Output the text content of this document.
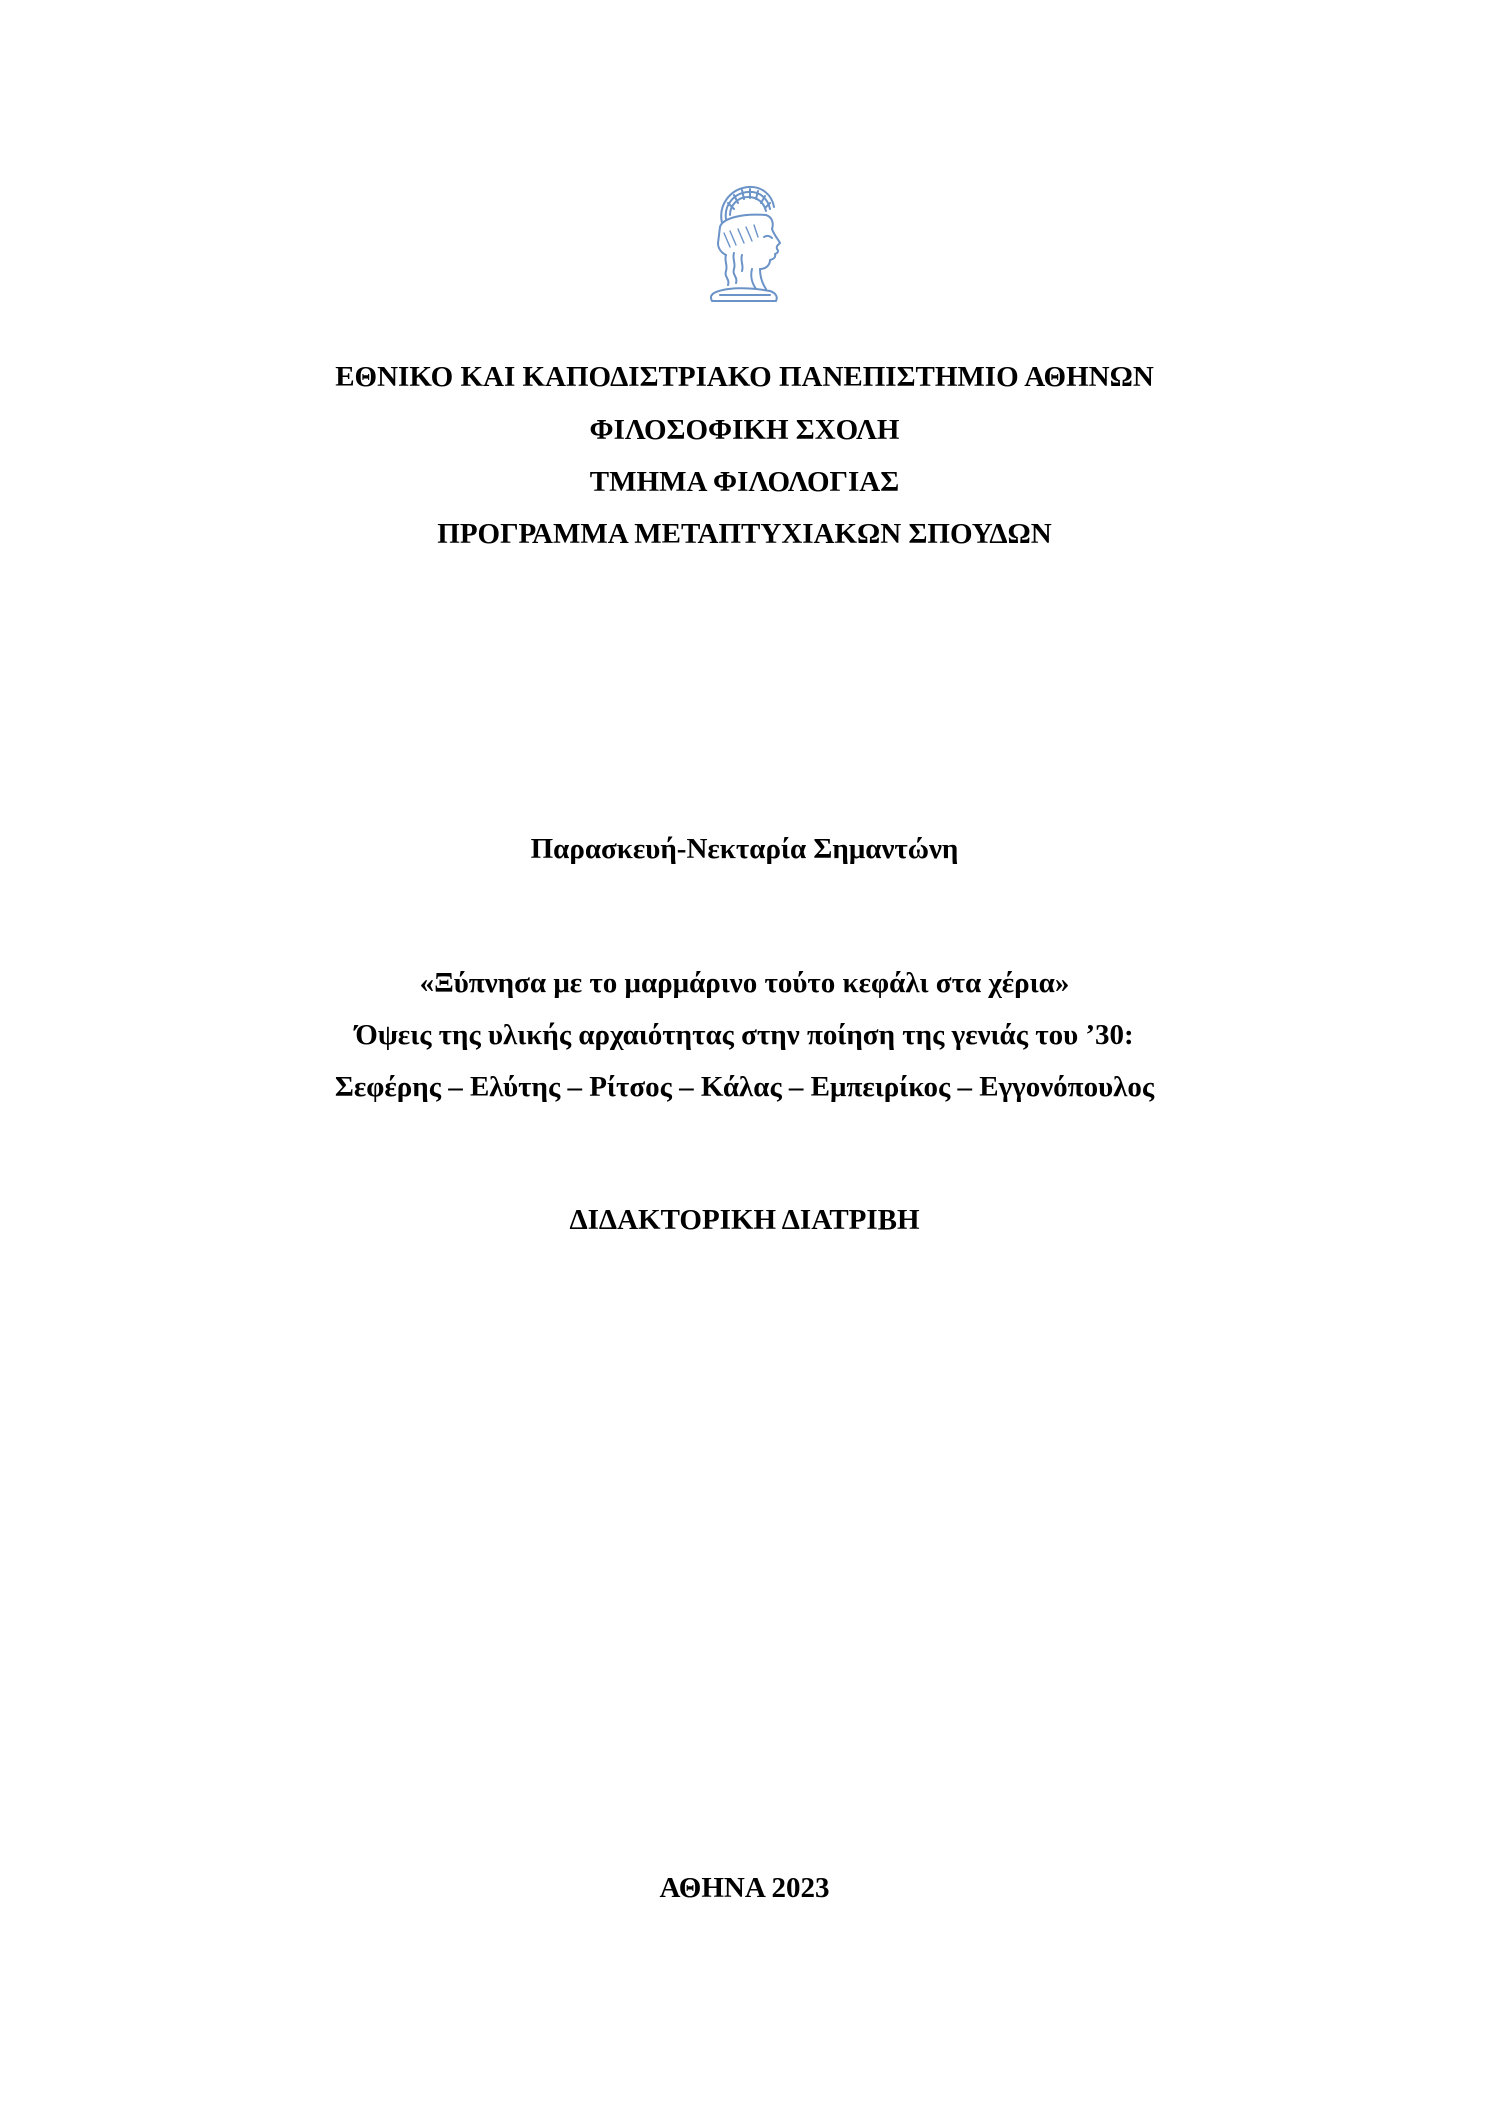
ΕΘΝΙΚΟ ΚΑΙ ΚΑΠΟΔΙΣΤΡΙΑΚΟ ΠΑΝΕΠΙΣΤΗΜΙΟ ΑΘΗΝΩΝ
ΦΙΛΟΣΟΦΙΚΗ ΣΧΟΛΗ
ΤΜΗΜΑ ΦΙΛΟΛΟΓΙΑΣ
ΠΡΟΓΡΑΜΜΑ ΜΕΤΑΠΤΥΧΙΑΚΩΝ ΣΠΟΥΔΩΝ
Παρασκευή-Νεκταρία Σημαντώνη
«Ξύπνησα με το μαρμάρινο τούτο κεφάλι στα χέρια»
Όψεις της υλικής αρχαιότητας στην ποίηση της γενιάς του ’30:
Σεφέρης – Ελύτης – Ρίτσος – Κάλας – Εμπειρίκος – Εγγονόπουλος
ΔΙΔΑΚΤΟΡΙΚΗ ΔΙΑΤΡΙΒΗ
ΑΘΗΝΑ 2023
